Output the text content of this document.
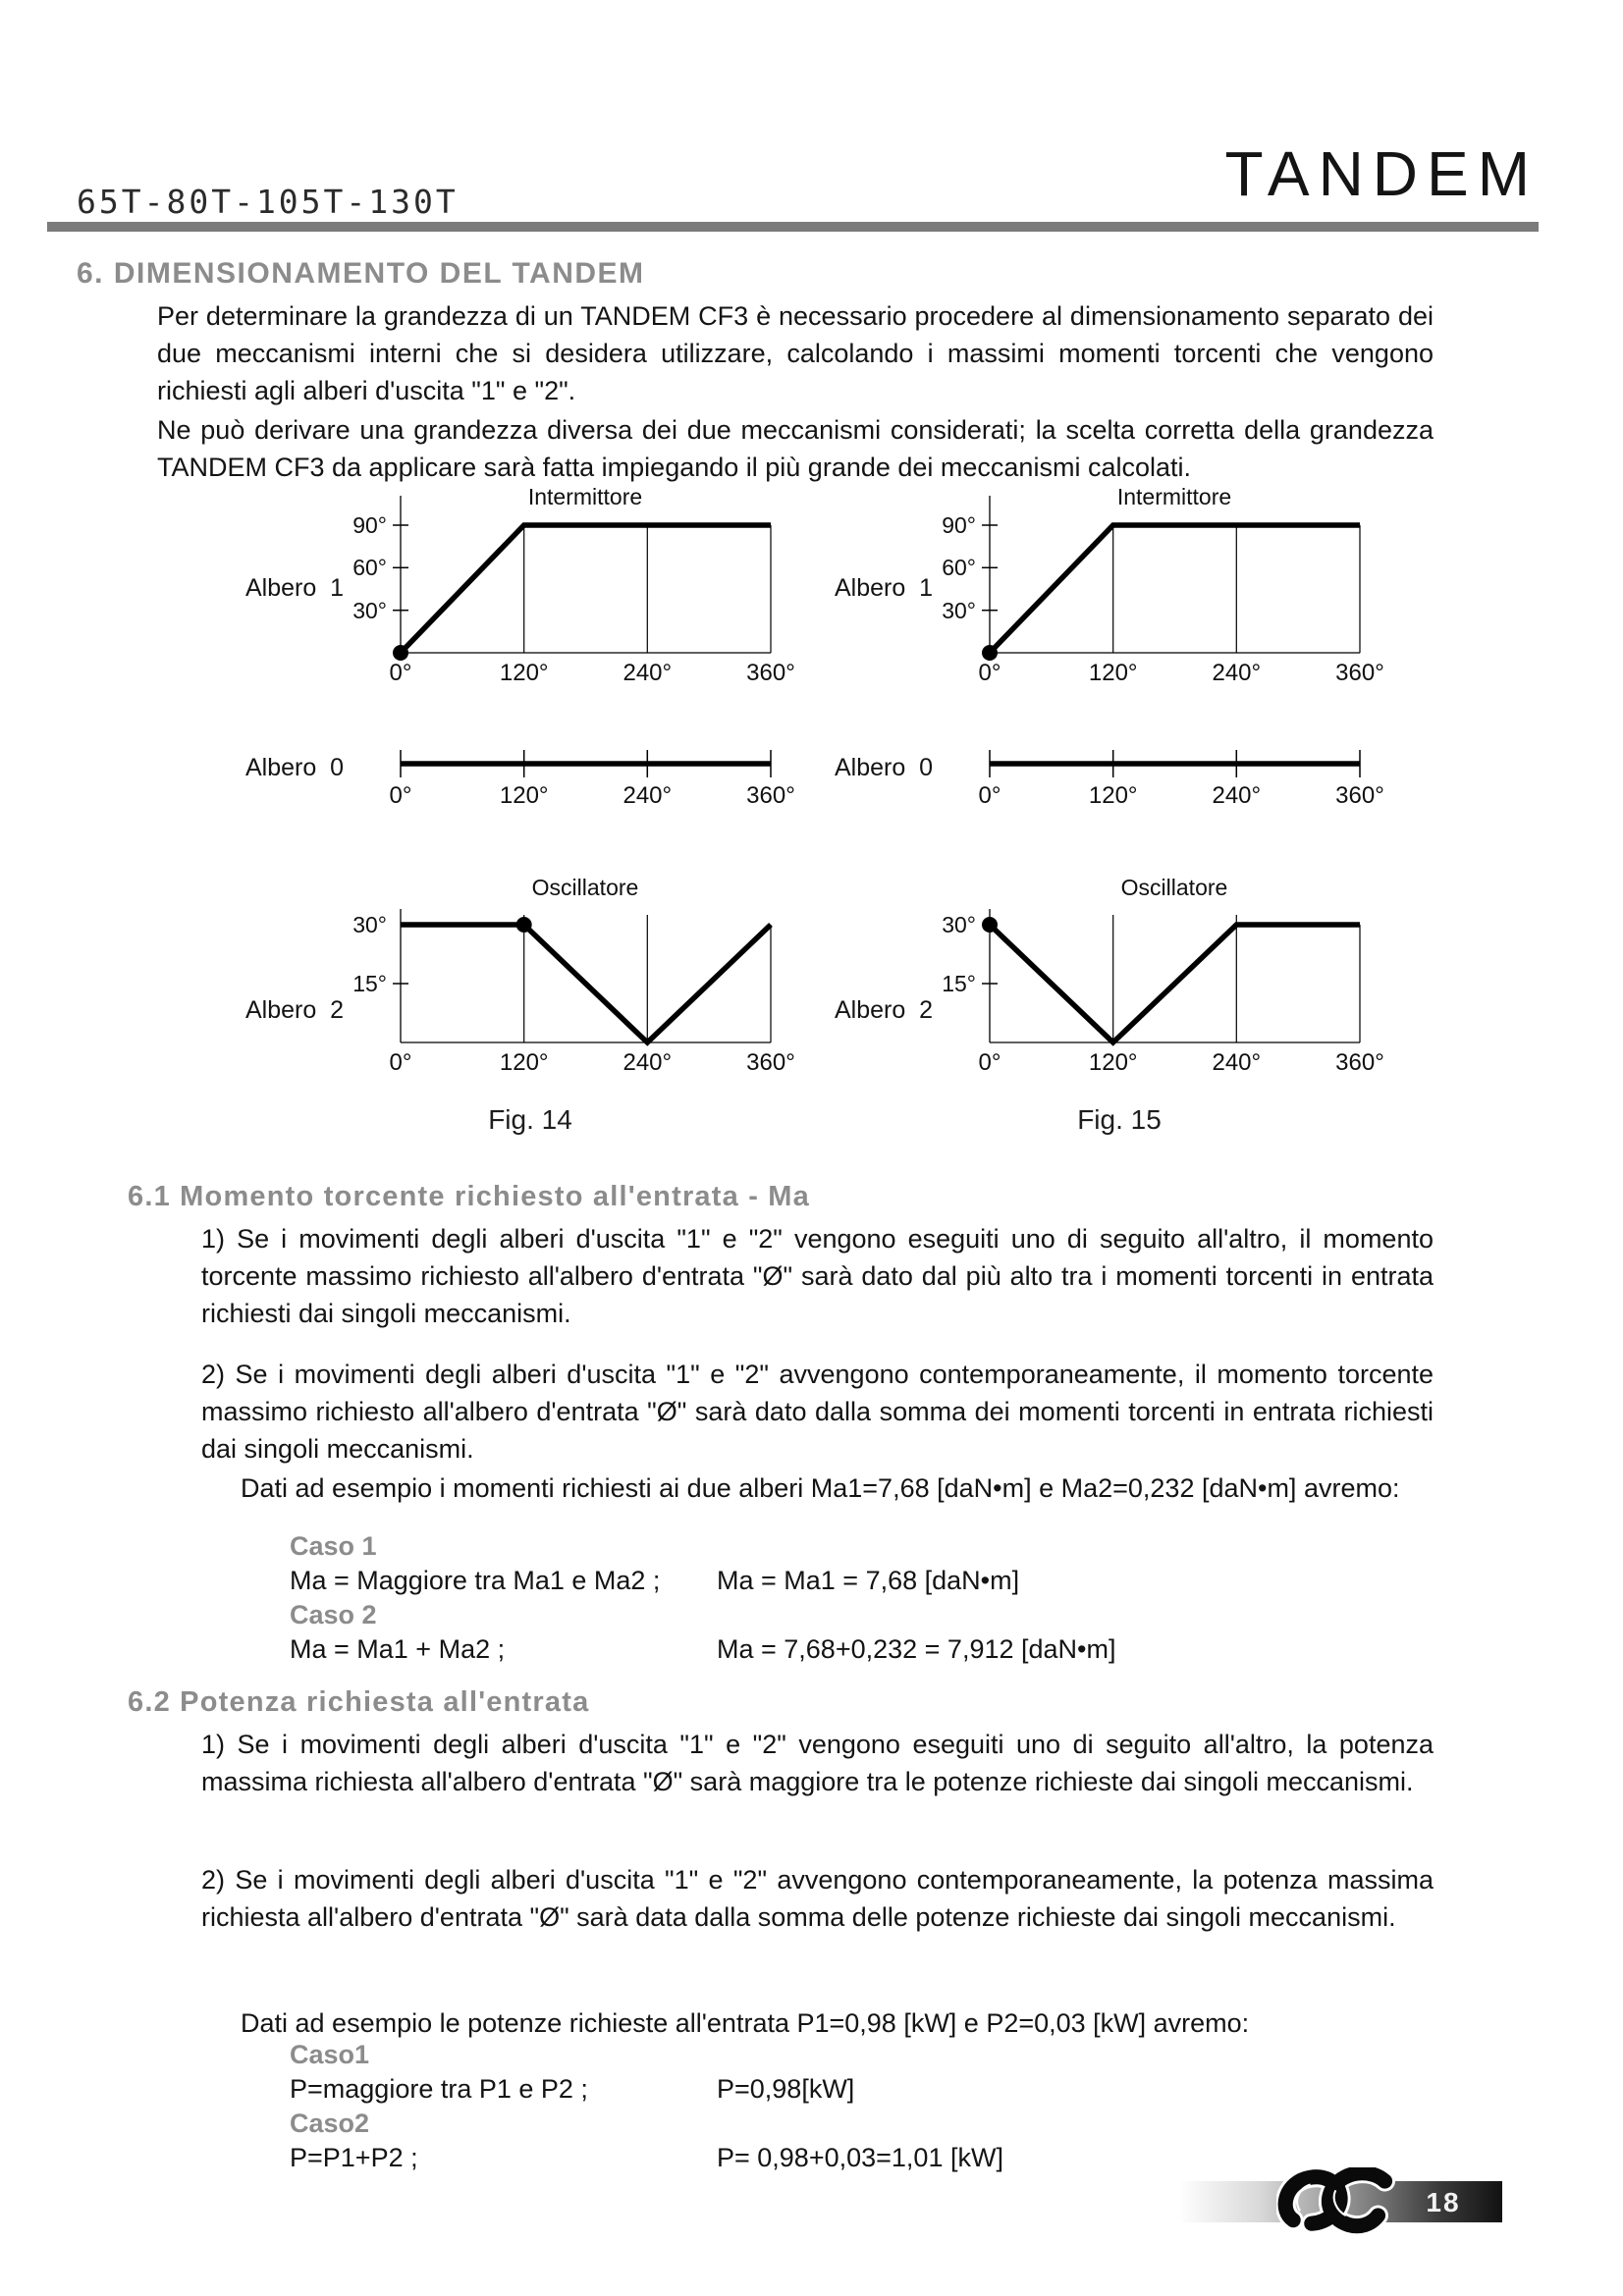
65T-80T-105T-130T	TANDEM
6. DIMENSIONAMENTO DEL TANDEM
Per determinare la grandezza di un TANDEM CF3 è necessario procedere al dimensionamento separato dei due meccanismi interni che si desidera utilizzare, calcolando i massimi momenti torcenti che vengono richiesti agli alberi d'uscita "1" e "2".
Ne può derivare una grandezza diversa dei due meccanismi considerati; la scelta corretta della grandezza TANDEM CF3 da applicare sarà fatta impiegando il più grande dei meccanismi calcolati.
Albero  1
Intermittore
90°
60°
30°
0°	120°	240°	360°
Albero  0
0°	120°	240°	360°
Albero  2
Oscillatore
30°
15°
0°	120°	240°	360°
Fig. 14
Albero  1
Intermittore
90°
60°
30°
0°	120°	240°	360°
Albero  0
0°	120°	240°	360°
Albero  2
Oscillatore
30°
15°
0°	120°	240°	360°
Fig. 15
6.1 Momento torcente richiesto all'entrata - Ma
1) Se i movimenti degli alberi d'uscita "1" e "2" vengono eseguiti uno di seguito all'altro, il momento torcente massimo richiesto all'albero d'entrata "Ø" sarà dato dal più alto tra i momenti torcenti in entrata richiesti dai singoli meccanismi.
2) Se i movimenti degli alberi d'uscita "1" e "2" avvengono contemporaneamente, il momento torcente massimo richiesto all'albero d'entrata "Ø" sarà dato dalla somma dei momenti torcenti in entrata richiesti dai singoli meccanismi.
Dati ad esempio i momenti richiesti ai due alberi Ma1=7,68 [daN•m] e Ma2=0,232 [daN•m] avremo:
Caso 1
Ma = Maggiore tra Ma1 e Ma2 ;	Ma = Ma1 = 7,68 [daN•m]
Caso 2
Ma = Ma1 + Ma2 ;	Ma = 7,68+0,232 = 7,912 [daN•m]
6.2 Potenza richiesta all'entrata
1) Se i movimenti degli alberi d'uscita "1" e "2" vengono eseguiti uno di seguito all'altro, la potenza massima richiesta all'albero d'entrata "Ø" sarà maggiore tra le potenze richieste dai singoli meccanismi.
2) Se i movimenti degli alberi d'uscita "1" e "2" avvengono contemporaneamente, la potenza massima richiesta all'albero d'entrata "Ø" sarà data dalla somma delle potenze richieste dai singoli meccanismi.
Dati ad esempio le potenze richieste all'entrata P1=0,98 [kW] e P2=0,03 [kW] avremo:
Caso1
P=maggiore tra P1 e P2 ;	P=0,98[kW]
Caso2
P=P1+P2 ;	P= 0,98+0,03=1,01 [kW]
18
